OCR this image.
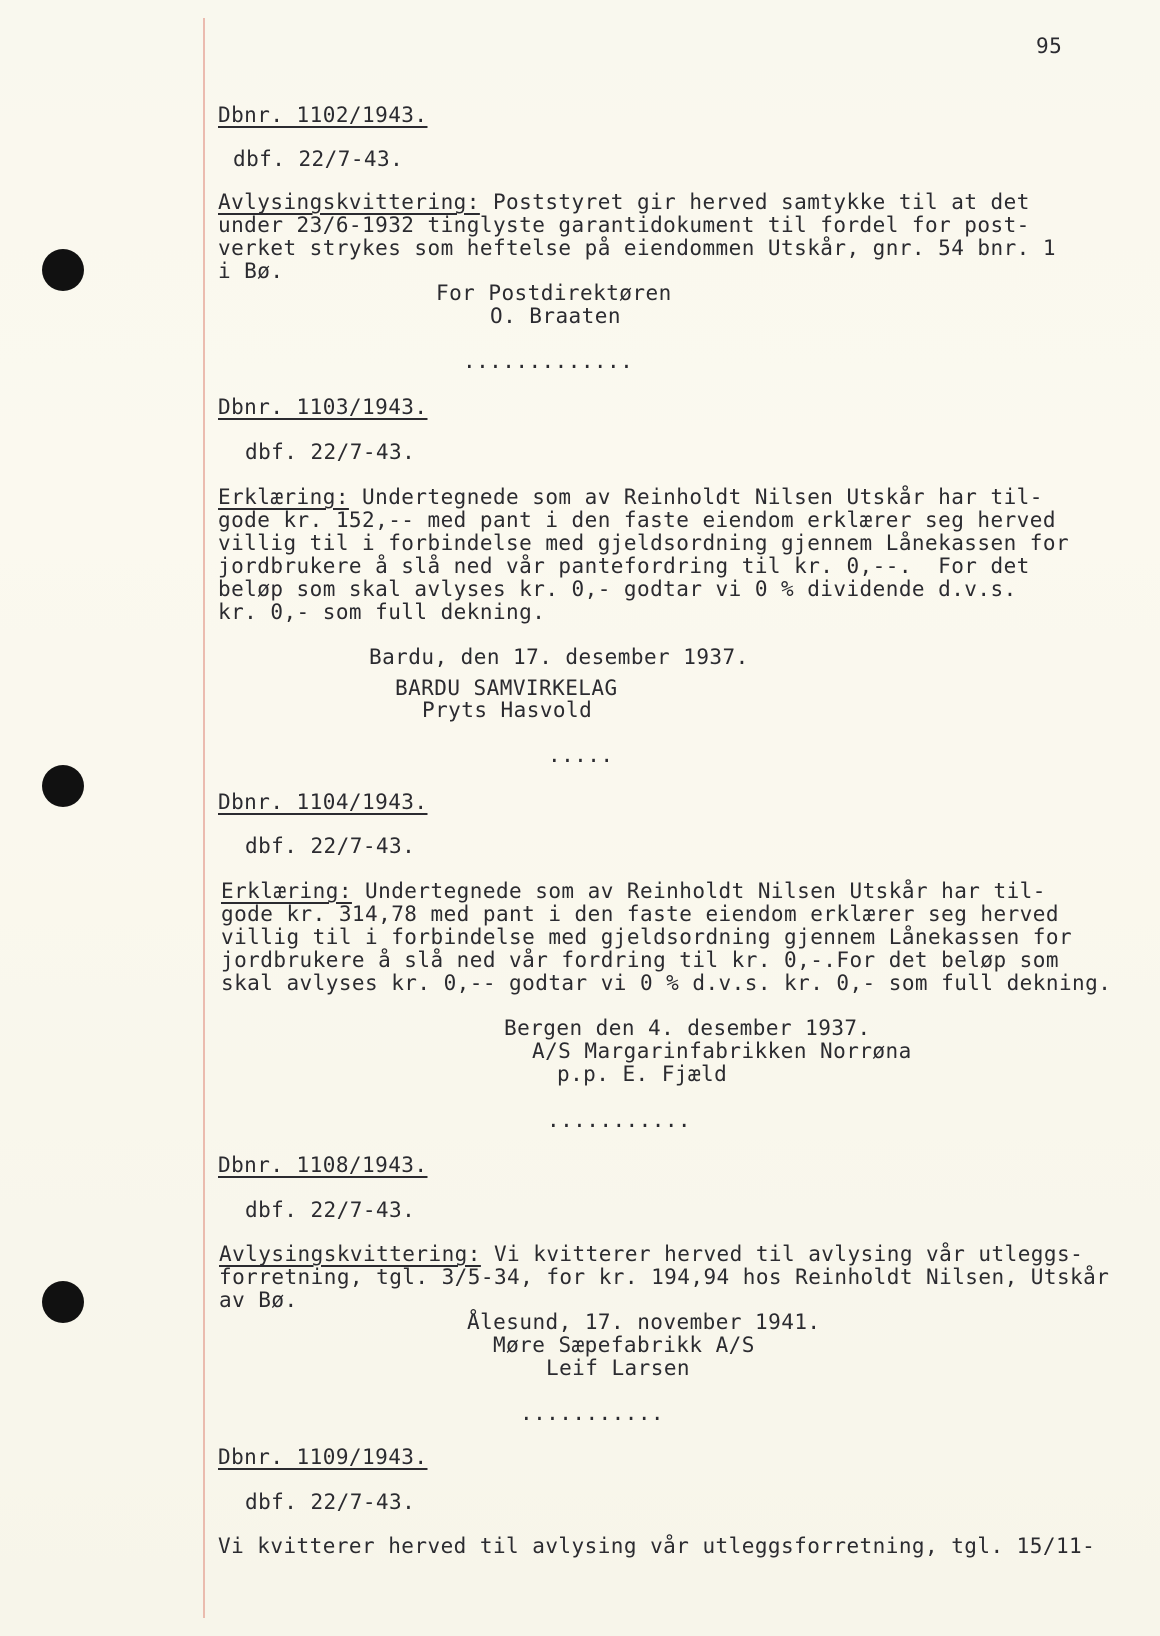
95
Dbnr. 1102/1943.
dbf. 22/7-43.
Avlysingskvittering: Poststyret gir herved samtykke til at det
under 23/6-1932 tinglyste garantidokument til fordel for post-
verket strykes som heftelse på eiendommen Utskår, gnr. 54 bnr. 1
i Bø.
For Postdirektøren
O. Braaten
.............
Dbnr. 1103/1943.
dbf. 22/7-43.
Erklæring: Undertegnede som av Reinholdt Nilsen Utskår har til-
gode kr. 152,-- med pant i den faste eiendom erklærer seg herved
villig til i forbindelse med gjeldsordning gjennem Lånekassen for
jordbrukere å slå ned vår pantefordring til kr. 0,--.  For det
beløp som skal avlyses kr. 0,- godtar vi 0 % dividende d.v.s.
kr. 0,- som full dekning.
Bardu, den 17. desember 1937.
BARDU SAMVIRKELAG
Pryts Hasvold
.....
Dbnr. 1104/1943.
dbf. 22/7-43.
Erklæring: Undertegnede som av Reinholdt Nilsen Utskår har til-
gode kr. 314,78 med pant i den faste eiendom erklærer seg herved
villig til i forbindelse med gjeldsordning gjennem Lånekassen for
jordbrukere å slå ned vår fordring til kr. 0,-.For det beløp som
skal avlyses kr. 0,-- godtar vi 0 % d.v.s. kr. 0,- som full dekning.
Bergen den 4. desember 1937.
A/S Margarinfabrikken Norrøna
p.p. E. Fjæld
...........
Dbnr. 1108/1943.
dbf. 22/7-43.
Avlysingskvittering: Vi kvitterer herved til avlysing vår utleggs-
forretning, tgl. 3/5-34, for kr. 194,94 hos Reinholdt Nilsen, Utskår
av Bø.
Ålesund, 17. november 1941.
Møre Sæpefabrikk A/S
Leif Larsen
...........
Dbnr. 1109/1943.
dbf. 22/7-43.
Vi kvitterer herved til avlysing vår utleggsforretning, tgl. 15/11-
